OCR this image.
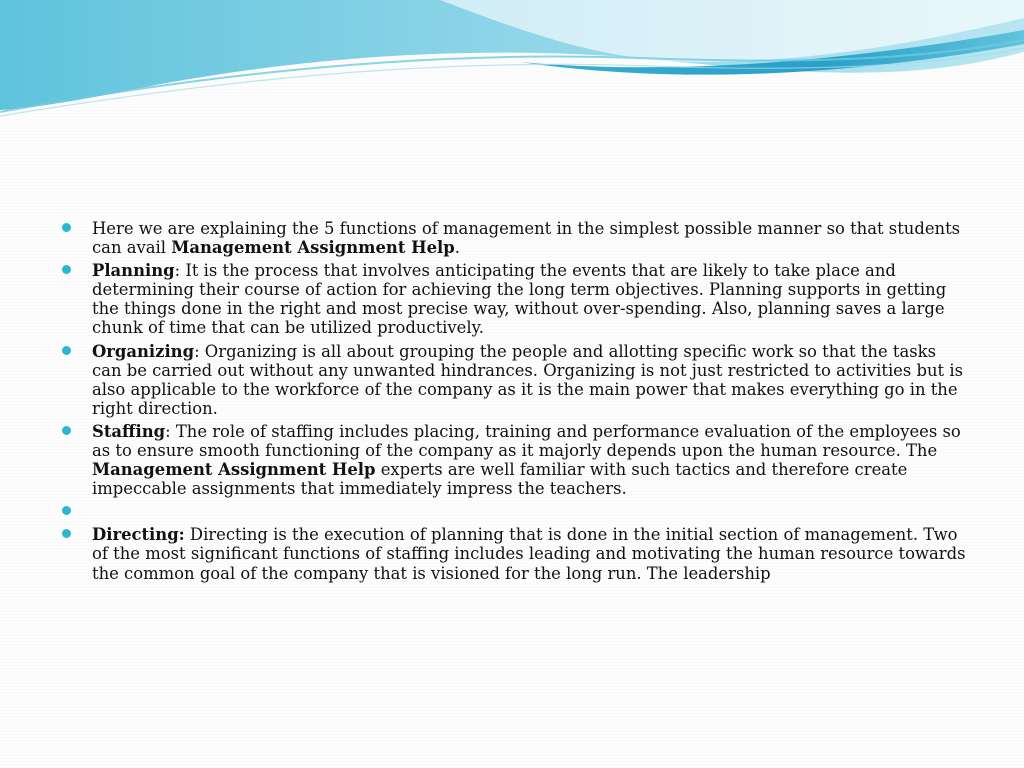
Here we are explaining the 5 functions of management in the simplest possible manner so that students can avail Management Assignment Help.
Planning: It is the process that involves anticipating the events that are likely to take place and determining their course of action for achieving the long term objectives. Planning supports in getting the things done in the right and most precise way, without over-spending. Also, planning saves a large chunk of time that can be utilized productively.
Organizing: Organizing is all about grouping the people and allotting specific work so that the tasks can be carried out without any unwanted hindrances. Organizing is not just restricted to activities but is also applicable to the workforce of the company as it is the main power that makes everything go in the right direction.
Staffing: The role of staffing includes placing, training and performance evaluation of the employees so as to ensure smooth functioning of the company as it majorly depends upon the human resource. The Management Assignment Help experts are well familiar with such tactics and therefore create impeccable assignments that immediately impress the teachers.
Directing: Directing is the execution of planning that is done in the initial section of management. Two of the most significant functions of staffing includes leading and motivating the human resource towards the common goal of the company that is visioned for the long run. The leadership
